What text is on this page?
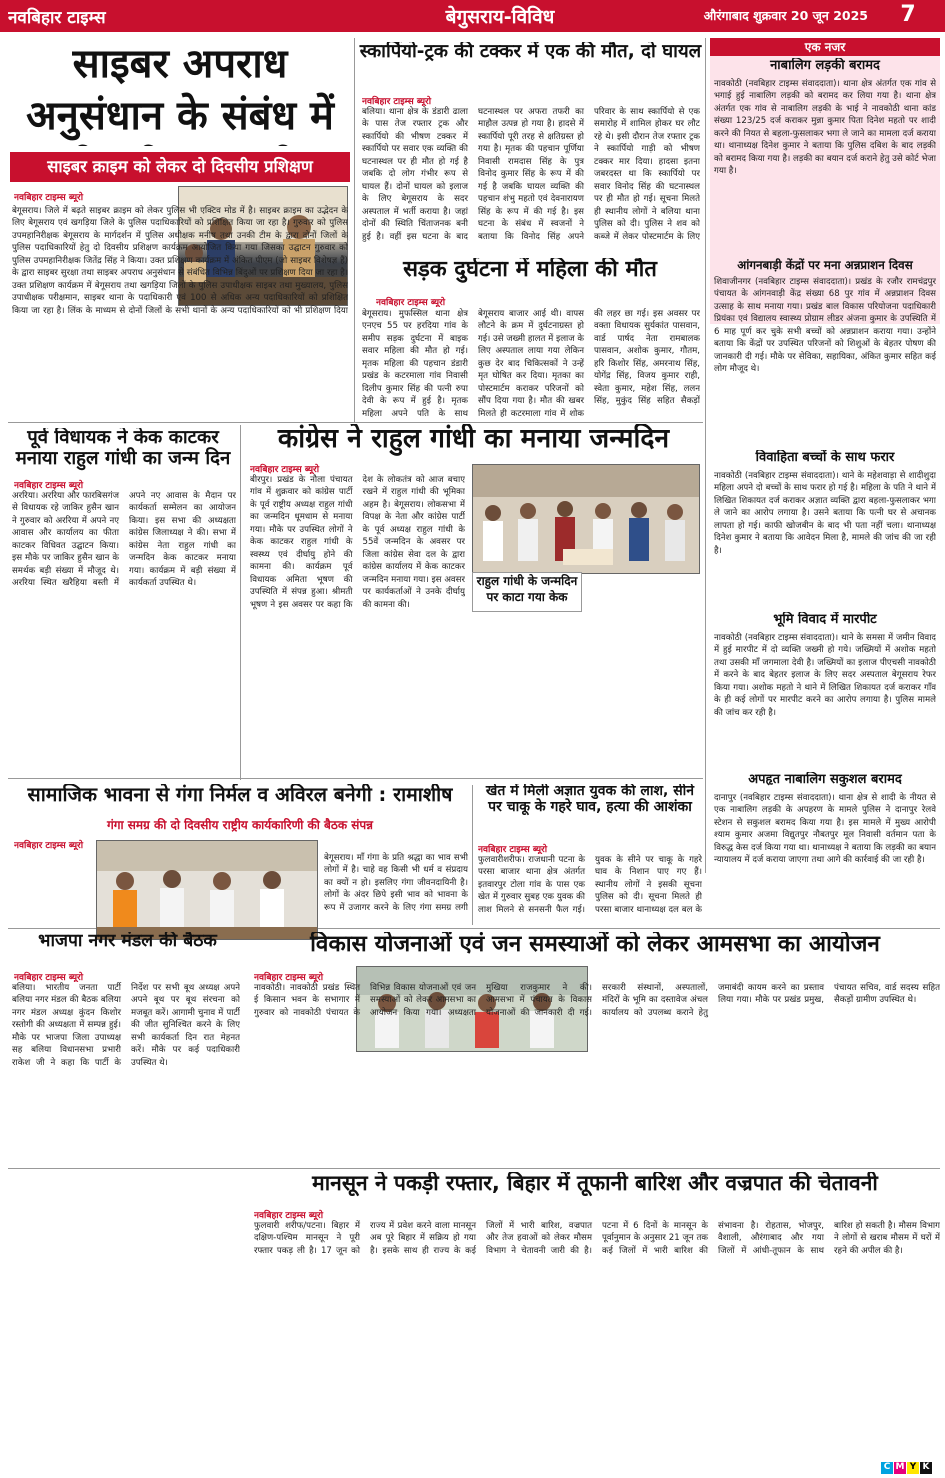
नवबिहार टाइम्स	बेगुसराय-विविध	औरंगाबाद शुक्रवार 20 जून 2025	7
साइबर अपराध अनुसंधान के संबंध में
साइबर क्राइम को लेकर दो दिवसीय प्रशिक्षण
नवबिहार टाइम्स ब्यूरो
बेगूसराय। जिले में बढ़ते साइबर क्राइम को लेकर पुलिस भी एक्टिव मोड में है। साइबर क्राइम का उद्भेदन के लिए बेगूसराय एवं खगड़िया जिले के पुलिस पदाधिकारियों को प्रशिक्षित किया जा रहा है। गुरुवार को पुलिस उपमहानिरीक्षक बेगूसराय के मार्गदर्शन में पुलिस अधीक्षक मनीष तथा उनकी टीम के द्वारा दोनों जिलों के पुलिस पदाधिकारियों हेतु दो दिवसीय प्रशिक्षण कार्यक्रम आयोजित किया गया जिसका उद्घाटन गुरुवार को पुलिस उपमहानिरीक्षक जितेंद्र सिंह ने किया। उक्त प्रशिक्षण कार्यक्रम में अंकित पीएम (जो साइबर विशेषज्ञ हैं) के द्वारा साइबर सुरक्षा तथा साइबर अपराध अनुसंधान से संबंधित विभिन्न बिंदुओं पर प्रशिक्षण दिया जा रहा है। उक्त प्रशिक्षण कार्यक्रम में बेगूसराय तथा खगड़िया जिलों के पुलिस उपाधीक्षक साइबर तथा मुख्यालय, पुलिस उपाधीक्षक परीक्षमान, साइबर थाना के पदाधिकारी एवं 100 से अधिक अन्य पदाधिकारियों को प्रशिक्षित किया जा रहा है। लिंक के माध्यम से दोनों जिलों के सभी थानों के अन्य पदाधिकारियों को भी प्रशिक्षण दिया
स्कार्पियो-ट्रक की टक्कर में एक की मौत, दो घायल
नवबिहार टाइम्स ब्यूरो
बलिया। थाना क्षेत्र के डंडारी ढाला के पास तेज रफ्तार ट्रक और स्कार्पियो की भीषण टक्कर में स्कार्पियो पर सवार एक व्यक्ति की घटनास्थल पर ही मौत हो गई है जबकि दो लोग गंभीर रूप से घायल हैं। दोनों घायल को इलाज के लिए बेगूसराय के सदर अस्पताल में भर्ती कराया है। जहां दोनों की स्थिति चिंताजनक बनी हुई है। वहीं इस घटना के बाद घटनास्थल पर अफरा तफरी का माहौल उत्पन्न हो गया है। हादसे में स्कार्पियो पूरी तरह से क्षतिग्रस्त हो गया है। मृतक की पहचान पूर्णिया निवासी रामदास सिंह के पुत्र विनोद कुमार सिंह के रूप में की गई है जबकि घायल व्यक्ति की पहचान शंभु महतो एवं देवनारायण सिंह के रूप में की गई है। इस घटना के संबंध में स्वजनों ने बताया कि विनोद सिंह अपने परिवार के साथ स्कार्पियो से एक समारोह में शामिल होकर घर लौट रहे थे। इसी दौरान तेज रफ्तार ट्रक ने स्कार्पियो गाड़ी को भीषण टक्कर मार दिया। हादसा इतना जबरदस्त था कि स्कार्पियो पर सवार विनोद सिंह की घटनास्थल पर ही मौत हो गई। सूचना मिलते ही स्थानीय लोगों ने बलिया थाना पुलिस को दी। पुलिस ने शव को कब्जे में लेकर पोस्टमार्टम के लिए
सड़क दुर्घटना में महिला की मौत
नवबिहार टाइम्स ब्यूरो
बेगूसराय। मुफस्सिल थाना क्षेत्र एनएच 55 पर हरदिया गांव के समीप सड़क दुर्घटना में बाइक सवार महिला की मौत हो गई। मृतक महिला की पहचान डंडारी प्रखंड के कटरमाला गांव निवासी दिलीप कुमार सिंह की पत्नी रुपा देवी के रूप में हुई है। मृतक महिला अपने पति के साथ बेगूसराय बाजार आई थी। वापस लौटने के क्रम में दुर्घटनाग्रस्त हो गई। उसे जख्मी हालत में इलाज के लिए अस्पताल लाया गया लेकिन कुछ देर बाद चिकित्सकों ने उन्हें मृत घोषित कर दिया। मृतका का पोस्टमार्टम कराकर परिजनों को सौंप दिया गया है। मौत की खबर मिलते ही कटरमाला गांव में शोक की लहर छा गई। इस अवसर पर वक्ता विधायक सुर्यकांत पासवान, वार्ड पार्षद नेता रामबालक पासवान, अशोक कुमार, गौतम, हरि किशोर सिंह, अमरनाथ सिंह, योगेंद्र सिंह, विजय कुमार राही, स्वेता कुमार, महेश सिंह, ललन सिंह, मुकुंद सिंह सहित सैकड़ों
एक नजर
नाबालिग लड़की बरामद
नावकोठी (नवबिहार टाइम्स संवाददाता)। थाना क्षेत्र अंतर्गत एक गांव से भगाई हुई नाबालिग लड़की को बरामद कर लिया गया है। थाना क्षेत्र अंतर्गत एक गांव से नाबालिग लड़की के भाई ने नावकोठी थाना कांड संख्या 123/25 दर्ज कराकर मुन्ना कुमार पिता दिनेश महतो पर शादी करने की नियत से बहला-फुसलाकर भगा ले जाने का मामला दर्ज कराया था। थानाध्यक्ष दिनेश कुमार ने बताया कि पुलिस दबिश के बाद लड़की को बरामद किया गया है। लड़की का बयान दर्ज कराने हेतु उसे कोर्ट भेजा गया है।
आंगनबाड़ी केंद्रों पर मना अन्नप्राशन दिवस
शिवाजीनगर (नवबिहार टाइम्स संवाददाता)। प्रखंड के रजौर रामचंद्रपुर पंचायत के आंगनवाड़ी केंद्र संख्या 68 पुर गांव में अन्नप्राशन दिवस उत्साह के साथ मनाया गया। प्रखंड बाल विकास परियोजना पदाधिकारी प्रियंका एवं विद्यालय स्वास्थ्य प्रोग्राम लीडर अंजना कुमार के उपस्थिति में 6 माह पूर्ण कर चुके सभी बच्चों को अन्नप्राशन कराया गया। उन्होंने बताया कि केंद्रों पर उपस्थित परिजनों को शिशुओं के बेहतर पोषण की जानकारी दी गई। मौके पर सेविका, सहायिका, अंकित कुमार सहित कई लोग मौजूद थे।
विवाहिता बच्चों के साथ फरार
नावकोठी (नवबिहार टाइम्स संवाददाता)। थाने के महेशवाड़ा से शादीशुदा महिला अपने दो बच्चों के साथ फरार हो गई है। महिला के पति ने थाने में लिखित शिकायत दर्ज कराकर अज्ञात व्यक्ति द्वारा बहला-फुसलाकर भगा ले जाने का आरोप लगाया है। उसने बताया कि पत्नी घर से अचानक लापता हो गई। काफी खोजबीन के बाद भी पता नहीं चला। थानाध्यक्ष दिनेश कुमार ने बताया कि आवेदन मिला है, मामले की जांच की जा रही है।
भूमि विवाद में मारपीट
नावकोठी (नवबिहार टाइम्स संवाददाता)। थाने के समसा में जमीन विवाद में हुई मारपीट में दो व्यक्ति जख्मी हो गये। जख्मियों में अशोक महतो तथा उसकी माँ जगमाला देवी है। जख्मियों का इलाज पीएचसी नावकोठी में करने के बाद बेहतर इलाज के लिए सदर अस्पताल बेगूसराय रेफर किया गया। अशोक महतो ने थाने में लिखित शिकायत दर्ज कराकर गाँव के ही कई लोगों पर मारपीट करने का आरोप लगाया है। पुलिस मामले की जांच कर रही है।
अपहृत नाबालिग सकुशल बरामद
दानापुर (नवबिहार टाइम्स संवाददाता)। थाना क्षेत्र से शादी के नीयत से एक नाबालिग लड़की के अपहरण के मामले पुलिस ने दानापुर रेलवे स्टेशन से सकुशल बरामद किया गया है। इस मामले में मुख्य आरोपी श्याम कुमार अजमा विद्युतपुर नौबतपुर मूल निवासी वर्तमान पता के विरुद्ध केस दर्ज किया गया था। थानाध्यक्ष ने बताया कि लड़की का बयान न्यायालय में दर्ज कराया जाएगा तथा आगे की कार्रवाई की जा रही है।
पूर्व विधायक ने केक काटकर मनाया राहुल गांधी का जन्म दिन
नवबिहार टाइम्स ब्यूरो
अररिया। अररिया और फारबिसगंज से विधायक रहे जाकिर हुसैन खान ने गुरुवार को अररिया में अपने नए आवास और कार्यालय का फीता काटकर विधिवत उद्घाटन किया। इस मौके पर जाकिर हुसैन खान के समर्थक बड़ी संख्या में मौजूद थे। अररिया स्थित खरैहिया बस्ती में अपने नए आवास के मैदान पर कार्यकर्ता सम्मेलन का आयोजन किया। इस सभा की अध्यक्षता कांग्रेस जिलाध्यक्ष ने की। सभा में कांग्रेस नेता राहुल गांधी का जन्मदिन केक काटकर मनाया गया। कार्यक्रम में बड़ी संख्या में कार्यकर्ता उपस्थित थे।
कांग्रेस ने राहुल गांधी का मनाया जन्मदिन
नवबिहार टाइम्स ब्यूरो
बीरपुर। प्रखंड के नौला पंचायत गांव में शुक्रवार को कांग्रेस पार्टी के पूर्व राष्ट्रीय अध्यक्ष राहुल गांधी का जन्मदिन धूमधाम से मनाया गया। मौके पर उपस्थित लोगों ने केक काटकर राहुल गांधी के स्वस्थ्य एवं दीर्घायु होने की कामना की। कार्यक्रम पूर्व विधायक अमिता भूषण की उपस्थिति में संपन्न हुआ। श्रीमती भूषण ने इस अवसर पर कहा कि देश के लोकतंत्र को आज बचाए रखने में राहुल गांधी की भूमिका अहम है। बेगूसराय। लोकसभा में विपक्ष के नेता और कांग्रेस पार्टी के पूर्व अध्यक्ष राहुल गांधी के 55वें जन्मदिन के अवसर पर जिला कांग्रेस सेवा दल के द्वारा कांग्रेस कार्यालय में केक काटकर जन्मदिन मनाया गया। इस अवसर पर कार्यकर्ताओं ने उनके दीर्घायु की कामना की।
राहुल गांधी के जन्मदिन पर काटा गया केक
सामाजिक भावना से गंगा निर्मल व अविरल बनेगी : रामाशीष
गंगा समग्र की दो दिवसीय राष्ट्रीय कार्यकारिणी की बैठक संपन्न
नवबिहार टाइम्स ब्यूरो
बेगूसराय। माँ गंगा के प्रति श्रद्धा का भाव सभी लोगों में है। चाहे वह किसी भी धर्म व संप्रदाय का क्यों न हो। इसलिए गंगा जीवनदायिनी है। लोगों के अंदर छिपे इसी भाव को भावना के रूप में उजागर करने के लिए गंगा समग्र लगी
खेत में मिली अज्ञात युवक की लाश, सीने पर चाकू के गहरे घाव, हत्या की आशंका
नवबिहार टाइम्स ब्यूरो
फुलवारीशरीफ। राजधानी पटना के परसा बाजार थाना क्षेत्र अंतर्गत इतवारपुर टोला गांव के पास एक खेत में गुरुवार सुबह एक युवक की लाश मिलने से सनसनी फैल गई। युवक के सीने पर चाकू के गहरे घाव के निशान पाए गए हैं। स्थानीय लोगों ने इसकी सूचना पुलिस को दी। सूचना मिलते ही परसा बाजार थानाध्यक्ष दल बल के
भाजपा नगर मंडल की बैठक
नवबिहार टाइम्स ब्यूरो
बलिया। भारतीय जनता पार्टी बलिया नगर मंडल की बैठक बलिया नगर मंडल अध्यक्ष कुंदन किशोर रस्तोगी की अध्यक्षता में सम्पन्न हुई। मौके पर भाजपा जिला उपाध्यक्ष सह बलिया विधानसभा प्रभारी राकेश जी ने कहा कि पार्टी के निर्देश पर सभी बूथ अध्यक्ष अपने अपने बूथ पर बूथ संरचना को मजबूत करें। आगामी चुनाव में पार्टी की जीत सुनिश्चित करने के लिए सभी कार्यकर्ता दिन रात मेहनत करें। मौके पर कई पदाधिकारी उपस्थित थे।
विकास योजनाओं एवं जन समस्याओं को लेकर आमसभा का आयोजन
नवबिहार टाइम्स ब्यूरो
नावकोठी। नावकोठी प्रखंड स्थित ई किसान भवन के सभागार में गुरुवार को नावकोठी पंचायत के विभिन्न विकास योजनाओं एवं जन समस्याओं को लेकर आमसभा का आयोजन किया गया। अध्यक्षता मुखिया राजकुमार ने की। आमसभा में पंचायत के विकास योजनाओं की जानकारी दी गई। सरकारी संस्थानों, अस्पतालों, मंदिरों के भूमि का दस्तावेज अंचल कार्यालय को उपलब्ध कराने हेतु जमाबंदी कायम करने का प्रस्ताव लिया गया। मौके पर प्रखंड प्रमुख, पंचायत सचिव, वार्ड सदस्य सहित सैकड़ों ग्रामीण उपस्थित थे।
मानसून ने पकड़ी रफ्तार, बिहार में तूफानी बारिश और वज्रपात की चेतावनी
नवबिहार टाइम्स ब्यूरो
फुलवारी शरीफ/पटना। बिहार में दक्षिण-पश्चिम मानसून ने पूरी रफ्तार पकड़ ली है। 17 जून को राज्य में प्रवेश करने वाला मानसून अब पूरे बिहार में सक्रिय हो गया है। इसके साथ ही राज्य के कई जिलों में भारी बारिश, वज्रपात और तेज हवाओं को लेकर मौसम विभाग ने चेतावनी जारी की है। पटना में 6 दिनों के मानसून के पूर्वानुमान के अनुसार 21 जून तक कई जिलों में भारी बारिश की संभावना है। रोहतास, भोजपुर, वैशाली, औरंगाबाद और गया जिलों में आंधी-तूफान के साथ बारिश हो सकती है। मौसम विभाग ने लोगों से खराब मौसम में घरों में रहने की अपील की है।
C M Y K
